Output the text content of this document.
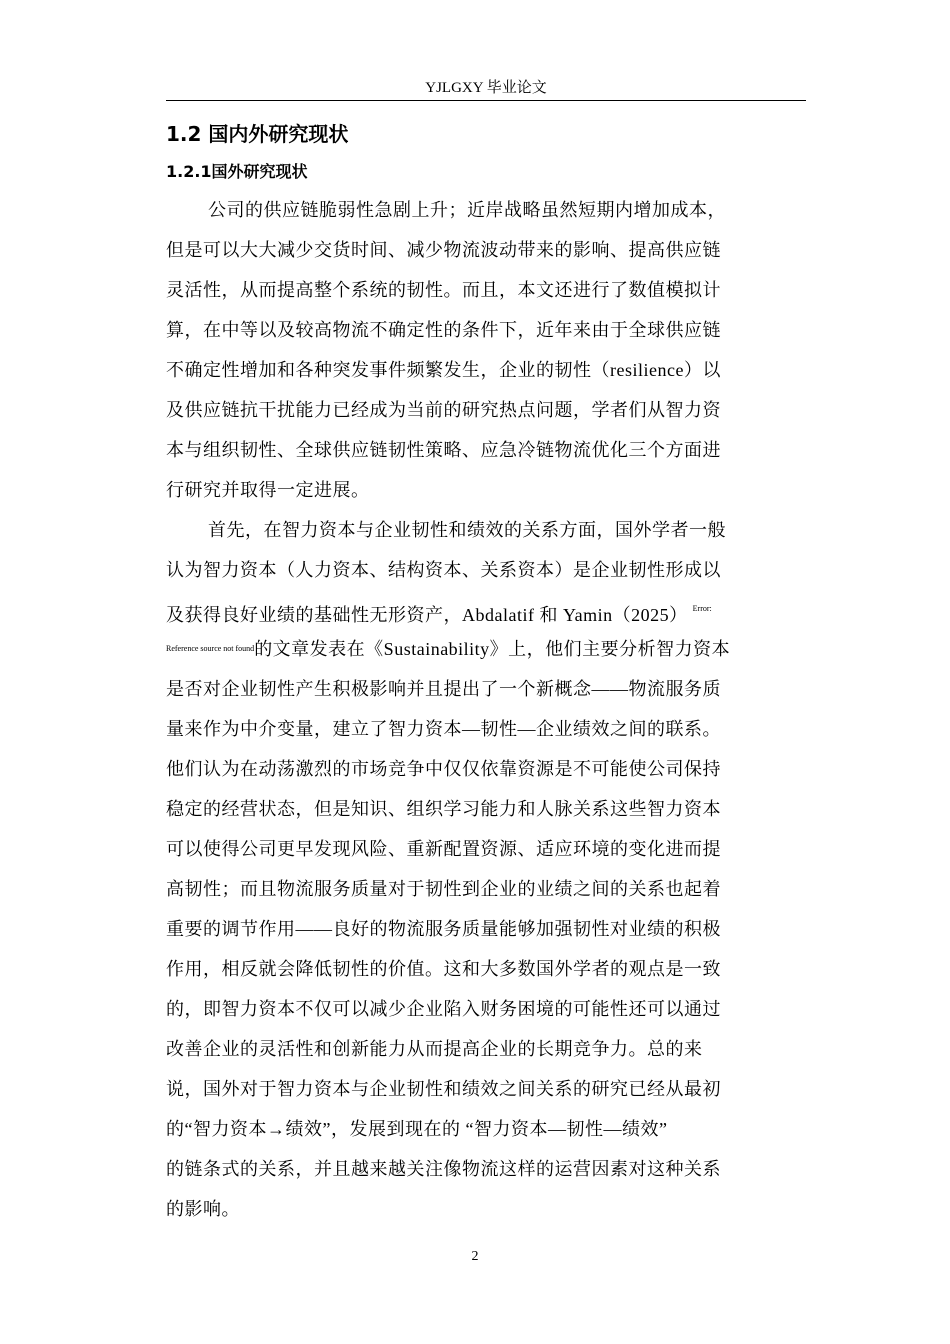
YJLGXY 毕业论文
1.2 国内外研究现状
1.2.1国外研究现状
公司的供应链脆弱性急剧上升；近岸战略虽然短期内增加成本，
但是可以大大减少交货时间、减少物流波动带来的影响、提高供应链
灵活性，从而提高整个系统的韧性。而且，本文还进行了数值模拟计
算，在中等以及较高物流不确定性的条件下，近年来由于全球供应链
不确定性增加和各种突发事件频繁发生，企业的韧性（resilience）以
及供应链抗干扰能力已经成为当前的研究热点问题，学者们从智力资
本与组织韧性、全球供应链韧性策略、应急冷链物流优化三个方面进
行研究并取得一定进展。
首先，在智力资本与企业韧性和绩效的关系方面，国外学者一般
认为智力资本（人力资本、结构资本、关系资本）是企业韧性形成以
及获得良好业绩的基础性无形资产，Abdalatif 和 Yamin（2025） $^{Error:}$
$^{Reference source not found}$的文章发表在《Sustainability》上，他们主要分析智力资本
是否对企业韧性产生积极影响并且提出了一个新概念——物流服务质
量来作为中介变量，建立了智力资本—韧性—企业绩效之间的联系。
他们认为在动荡激烈的市场竞争中仅仅依靠资源是不可能使公司保持
稳定的经营状态，但是知识、组织学习能力和人脉关系这些智力资本
可以使得公司更早发现风险、重新配置资源、适应环境的变化进而提
高韧性；而且物流服务质量对于韧性到企业的业绩之间的关系也起着
重要的调节作用——良好的物流服务质量能够加强韧性对业绩的积极
作用，相反就会降低韧性的价值。这和大多数国外学者的观点是一致
的，即智力资本不仅可以减少企业陷入财务困境的可能性还可以通过
改善企业的灵活性和创新能力从而提高企业的长期竞争力。总的来
说，国外对于智力资本与企业韧性和绩效之间关系的研究已经从最初
的“智力资本→绩效”，发展到现在的 “智力资本—韧性—绩效”
的链条式的关系，并且越来越关注像物流这样的运营因素对这种关系
的影响。
2
